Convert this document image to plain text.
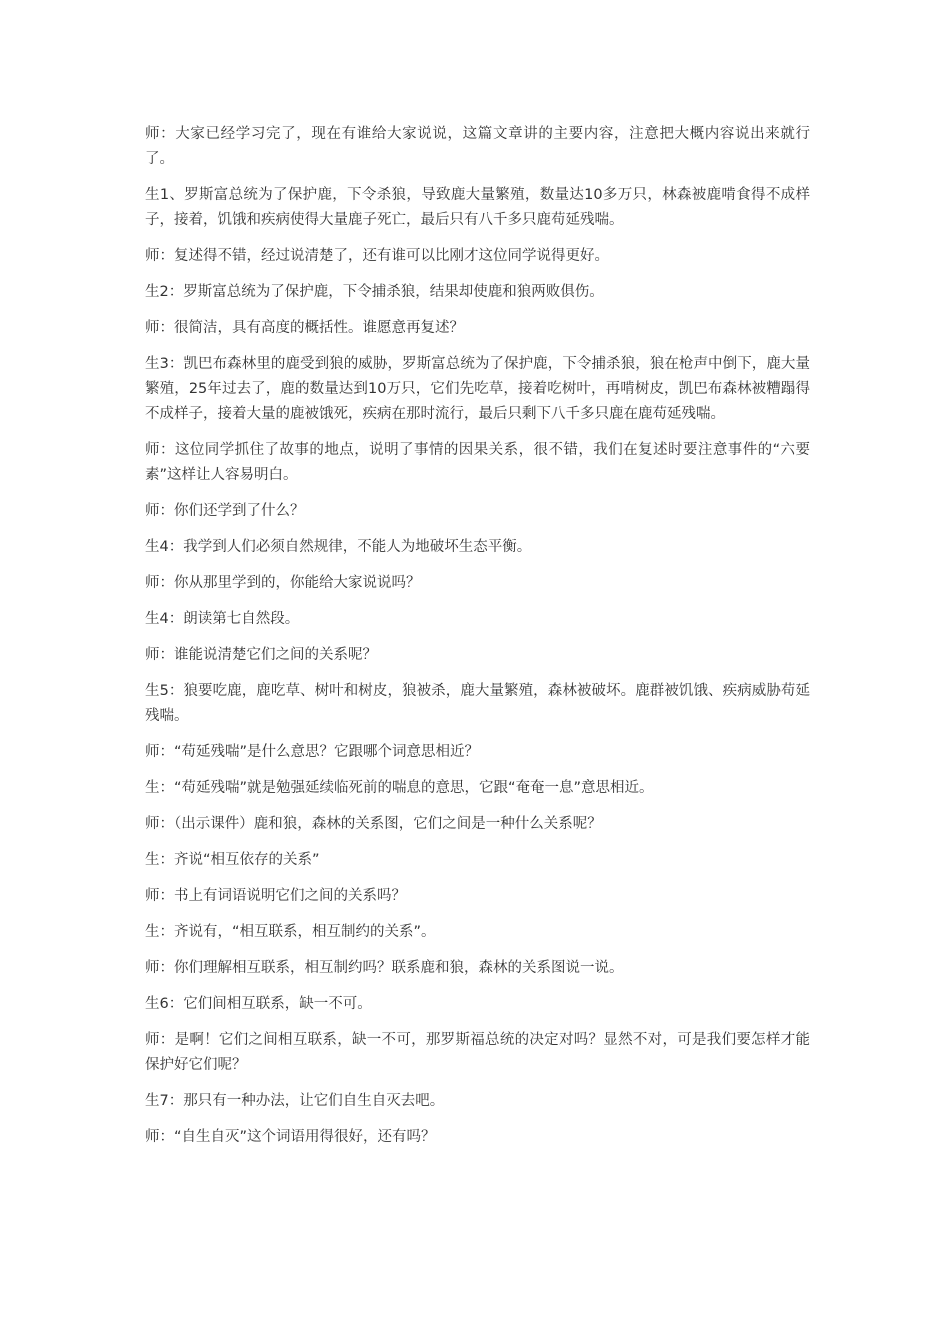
师：大家已经学习完了，现在有谁给大家说说，这篇文章讲的主要内容，注意把大概内容说出来就行了。

生1、罗斯富总统为了保护鹿，下令杀狼，导致鹿大量繁殖，数量达10多万只，林森被鹿啃食得不成样子，接着，饥饿和疾病使得大量鹿子死亡，最后只有八千多只鹿苟延残喘。

师：复述得不错，经过说清楚了，还有谁可以比刚才这位同学说得更好。

生2：罗斯富总统为了保护鹿，下令捕杀狼，结果却使鹿和狼两败俱伤。

师：很简洁，具有高度的概括性。谁愿意再复述？

生3：凯巴布森林里的鹿受到狼的威胁，罗斯富总统为了保护鹿，下令捕杀狼，狼在枪声中倒下，鹿大量繁殖，25年过去了，鹿的数量达到10万只，它们先吃草，接着吃树叶，再啃树皮，凯巴布森林被糟蹋得不成样子，接着大量的鹿被饿死，疾病在那时流行，最后只剩下八千多只鹿在鹿苟延残喘。

师：这位同学抓住了故事的地点，说明了事情的因果关系，很不错，我们在复述时要注意事件的“六要素”这样让人容易明白。

师：你们还学到了什么？

生4：我学到人们必须自然规律，不能人为地破坏生态平衡。

师：你从那里学到的，你能给大家说说吗？

生4：朗读第七自然段。

师：谁能说清楚它们之间的关系呢？

生5：狼要吃鹿，鹿吃草、树叶和树皮，狼被杀，鹿大量繁殖，森林被破坏。鹿群被饥饿、疾病威胁苟延残喘。

师：“苟延残喘”是什么意思？它跟哪个词意思相近？

生：“苟延残喘”就是勉强延续临死前的喘息的意思，它跟“奄奄一息”意思相近。

师：（出示课件）鹿和狼，森林的关系图，它们之间是一种什么关系呢？

生：齐说“相互依存的关系”

师：书上有词语说明它们之间的关系吗？

生：齐说有，“相互联系，相互制约的关系”。

师：你们理解相互联系，相互制约吗？联系鹿和狼，森林的关系图说一说。

生6：它们间相互联系，缺一不可。

师：是啊！它们之间相互联系，缺一不可，那罗斯福总统的决定对吗？显然不对，可是我们要怎样才能保护好它们呢？

生7：那只有一种办法，让它们自生自灭去吧。

师：“自生自灭”这个词语用得很好，还有吗？
